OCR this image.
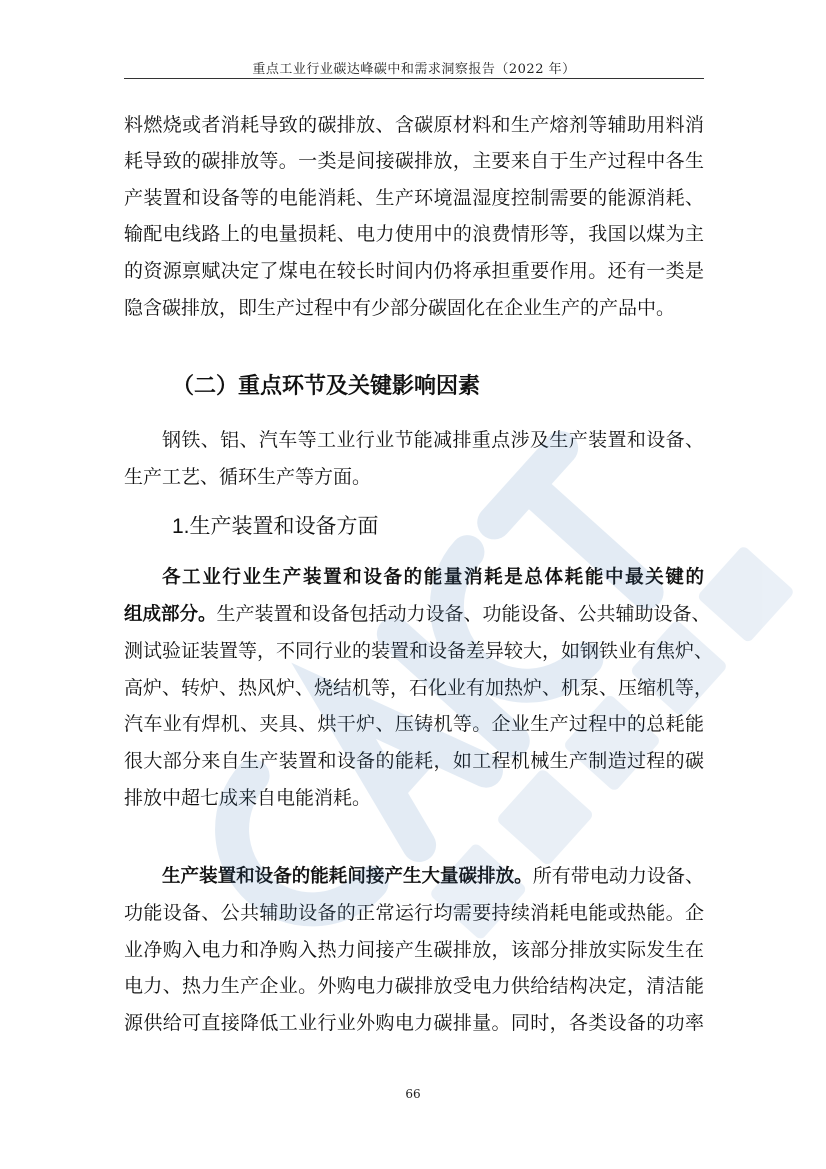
重点工业行业碳达峰碳中和需求洞察报告（2022 年）
料燃烧或者消耗导致的碳排放、含碳原材料和生产熔剂等辅助用料消
耗导致的碳排放等。一类是间接碳排放，主要来自于生产过程中各生
产装置和设备等的电能消耗、生产环境温湿度控制需要的能源消耗、
输配电线路上的电量损耗、电力使用中的浪费情形等，我国以煤为主
的资源禀赋决定了煤电在较长时间内仍将承担重要作用。还有一类是
隐含碳排放，即生产过程中有少部分碳固化在企业生产的产品中。
（二）重点环节及关键影响因素
钢铁、铝、汽车等工业行业节能减排重点涉及生产装置和设备、
生产工艺、循环生产等方面。
1.生产装置和设备方面
各工业行业生产装置和设备的能量消耗是总体耗能中最关键的
组成部分。生产装置和设备包括动力设备、功能设备、公共辅助设备、
测试验证装置等，不同行业的装置和设备差异较大，如钢铁业有焦炉、
高炉、转炉、热风炉、烧结机等，石化业有加热炉、机泵、压缩机等，
汽车业有焊机、夹具、烘干炉、压铸机等。企业生产过程中的总耗能
很大部分来自生产装置和设备的能耗，如工程机械生产制造过程的碳
排放中超七成来自电能消耗。
生产装置和设备的能耗间接产生大量碳排放。所有带电动力设备、
功能设备、公共辅助设备的正常运行均需要持续消耗电能或热能。企
业净购入电力和净购入热力间接产生碳排放，该部分排放实际发生在
电力、热力生产企业。外购电力碳排放受电力供给结构决定，清洁能
源供给可直接降低工业行业外购电力碳排量。同时，各类设备的功率
66
